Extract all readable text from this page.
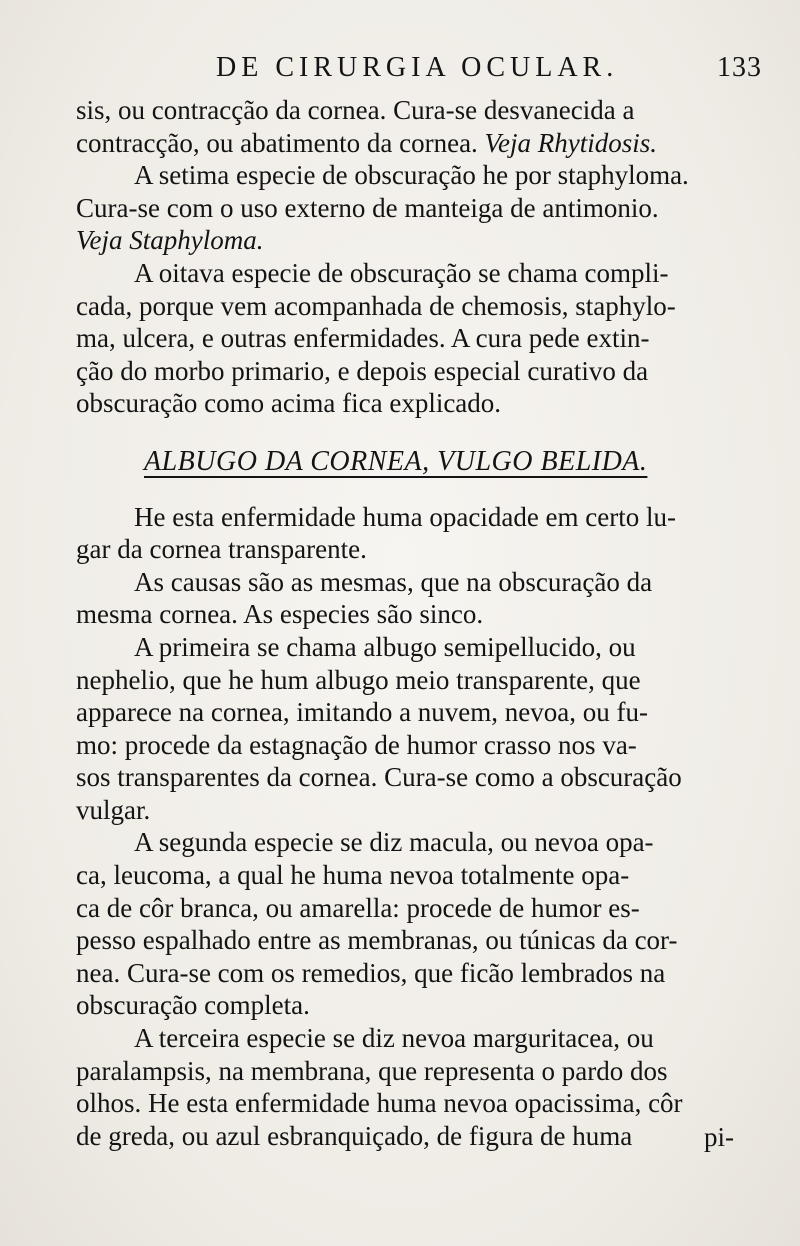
DE CIRURGIA OCULAR.	133
sis, ou contracção da cornea. Cura-se desvanecida a
contracção, ou abatimento da cornea. Veja Rhytidosis.
A setima especie de obscuração he por staphyloma.
Cura-se com o uso externo de manteiga de antimonio.
Veja Staphyloma.
A oitava especie de obscuração se chama compli-
cada, porque vem acompanhada de chemosis, staphylo-
ma, ulcera, e outras enfermidades. A cura pede extin-
ção do morbo primario, e depois especial curativo da
obscuração como acima fica explicado.
ALBUGO DA CORNEA, VULGO BELIDA.
He esta enfermidade huma opacidade em certo lu-
gar da cornea transparente.
As causas são as mesmas, que na obscuração da
mesma cornea. As especies são sinco.
A primeira se chama albugo semipellucido, ou
nephelio, que he hum albugo meio transparente, que
apparece na cornea, imitando a nuvem, nevoa, ou fu-
mo: procede da estagnação de humor crasso nos va-
sos transparentes da cornea. Cura-se como a obscuração
vulgar.
A segunda especie se diz macula, ou nevoa opa-
ca, leucoma, a qual he huma nevoa totalmente opa-
ca de côr branca, ou amarella: procede de humor es-
pesso espalhado entre as membranas, ou túnicas da cor-
nea. Cura-se com os remedios, que ficão lembrados na
obscuração completa.
A terceira especie se diz nevoa marguritacea, ou
paralampsis, na membrana, que representa o pardo dos
olhos. He esta enfermidade huma nevoa opacissima, côr
de greda, ou azul esbranquiçado, de figura de huma	pi-
